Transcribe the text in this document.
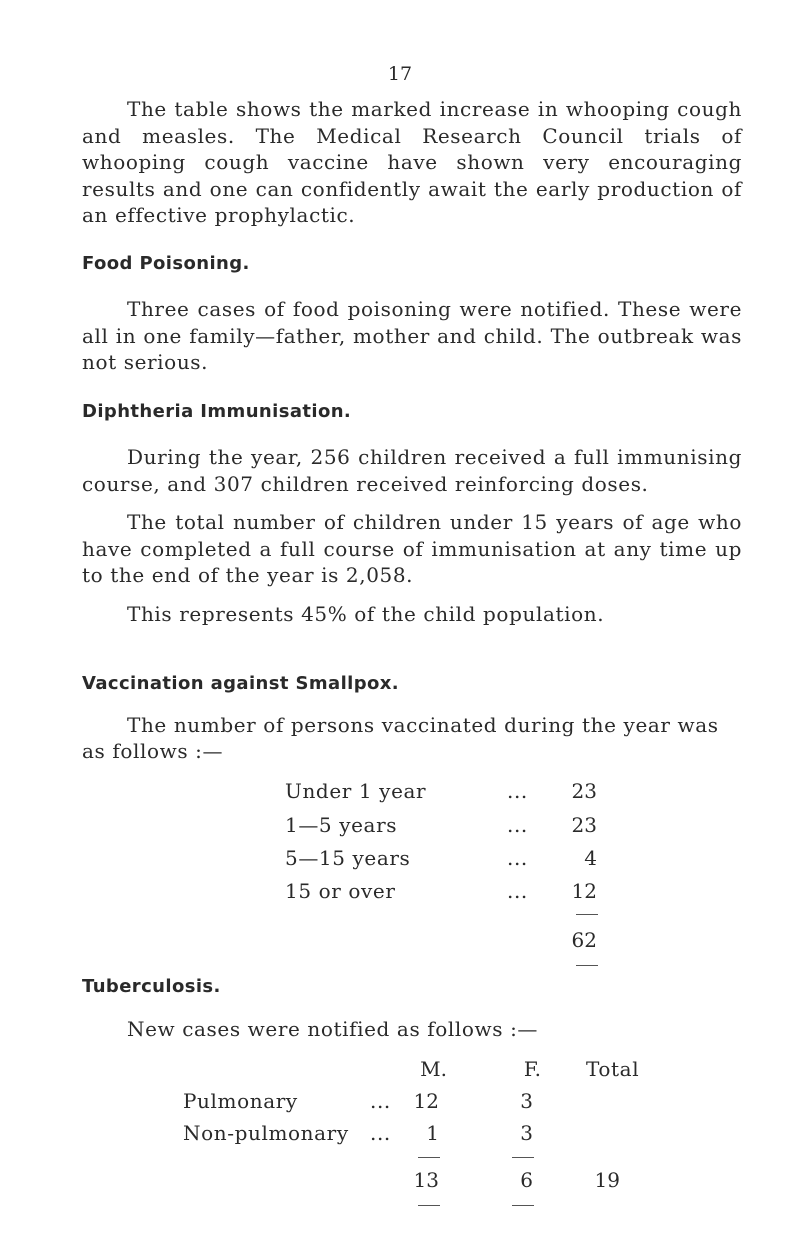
17

The table shows the marked increase in whooping cough and measles. The Medical Research Council trials of whooping cough vaccine have shown very encouraging results and one can confidently await the early production of an effective prophylactic.

Food Poisoning.

Three cases of food poisoning were notified. These were all in one family—father, mother and child. The outbreak was not serious.

Diphtheria Immunisation.

During the year, 256 children received a full immunising course, and 307 children received reinforcing doses.

The total number of children under 15 years of age who have completed a full course of immunisation at any time up to the end of the year is 2,058.

This represents 45% of the child population.

Vaccination against Smallpox.
The number of persons vaccinated during the year was
as follows :—
Under 1 year	...	23
1—5 years	...	23
5—15 years	...	4
15 or over	...	12
62
Tuberculosis.
New cases were notified as follows :—
M.	F. Total
Pulmonary	...	12	3
Non-pulmonary ...	1	3
13	6	19
